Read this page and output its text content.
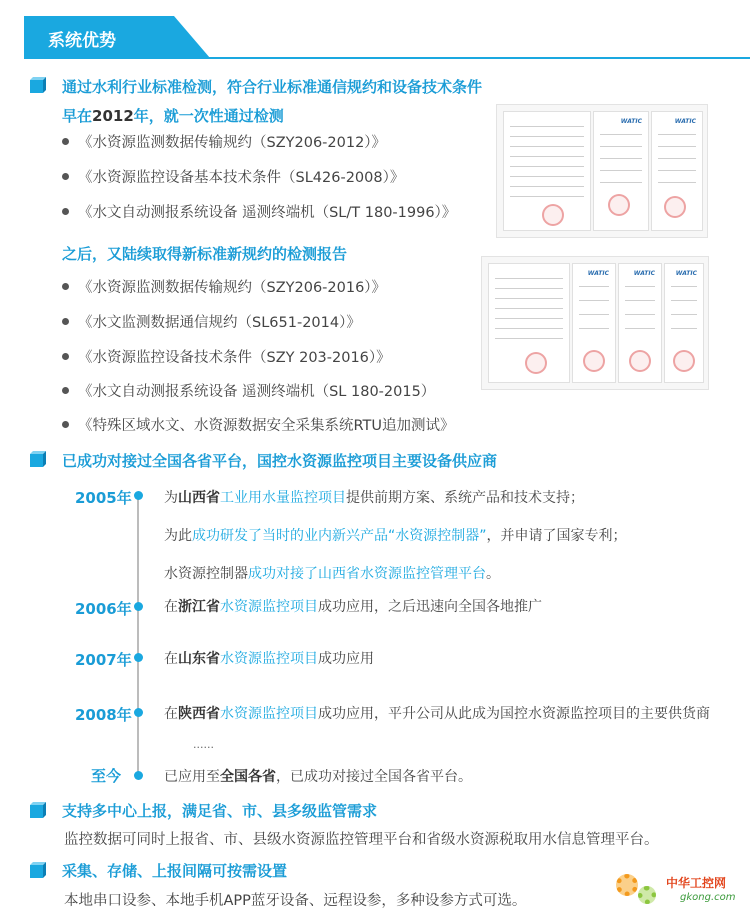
系统优势
通过水利行业标准检测，符合行业标准通信规约和设备技术条件
早在2012年，就一次性通过检测
《水资源监测数据传输规约（SZY206-2012）》
《水资源监控设备基本技术条件（SL426-2008）》
《水文自动测报系统设备 遥测终端机（SL/T 180-1996）》
WATIC	WATIC
之后，又陆续取得新标准新规约的检测报告
《水资源监测数据传输规约（SZY206-2016）》
《水文监测数据通信规约（SL651-2014）》
《水资源监控设备技术条件（SZY 203-2016）》
《水文自动测报系统设备 遥测终端机（SL 180-2015）
《特殊区域水文、水资源数据安全采集系统RTU追加测试》
WATIC	WATIC	WATIC
已成功对接过全国各省平台，国控水资源监控项目主要设备供应商
2005年 为山西省工业用水量监控项目提供前期方案、系统产品和技术支持；
为此成功研发了当时的业内新兴产品“水资源控制器”，并申请了国家专利；
水资源控制器成功对接了山西省水资源监控管理平台。
2006年 在浙江省水资源监控项目成功应用，之后迅速向全国各地推广
2007年 在山东省水资源监控项目成功应用
2008年 在陕西省水资源监控项目成功应用，平升公司从此成为国控水资源监控项目的主要供货商
......
至今	已应用至全国各省，已成功对接过全国各省平台。
支持多中心上报，满足省、市、县多级监管需求
监控数据可同时上报省、市、县级水资源监控管理平台和省级水资源税取用水信息管理平台。
采集、存储、上报间隔可按需设置
本地串口设参、本地手机APP蓝牙设备、远程设参，多种设参方式可选。
中华工控网
gkong.com
